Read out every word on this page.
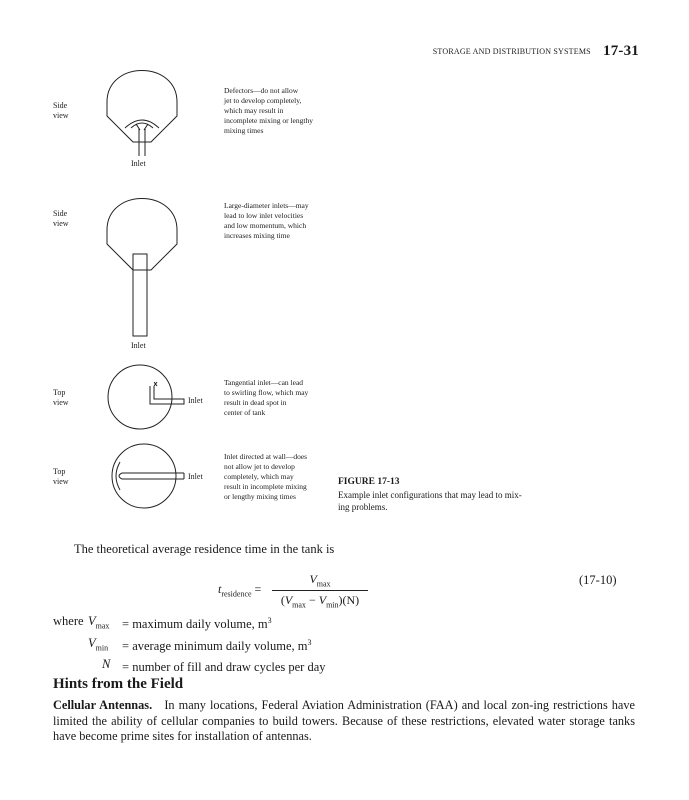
STORAGE AND DISTRIBUTION SYSTEMS 17-31
Side
view
Inlet
Defectors—do not allow
jet to develop completely,
which may result in
incomplete mixing or lengthy
mixing times
Side
view
Inlet
Large-diameter inlets—may
lead to low inlet velocities
and low momentum, which
increases mixing time
Top
view	Inlet
Tangential inlet—can lead
to swirling flow, which may
result in dead spot in
center of tank
Top
view
Inlet
Inlet directed at wall—does
not allow jet to develop
completely, which may
result in incomplete mixing
or lengthy mixing times
FIGURE 17-13
Example inlet configurations that may lead to mix-
ing problems.
The theoretical average residence time in the tank is
$t_{residence}$ =
$V_{max}$
$(V_{max} - V_{min})(N)$
(17-10)
where	$V_{max}$	= maximum daily volume, $m^3$
	$V_{min}$	= average minimum daily volume, $m^3$
	N	= number of fill and draw cycles per day
Hints from the Field

Cellular Antennas. In many locations, Federal Aviation Administration (FAA) and local zon-ing restrictions have limited the ability of cellular companies to build towers. Because of these restrictions, elevated water storage tanks have become prime sites for installation of antennas.
